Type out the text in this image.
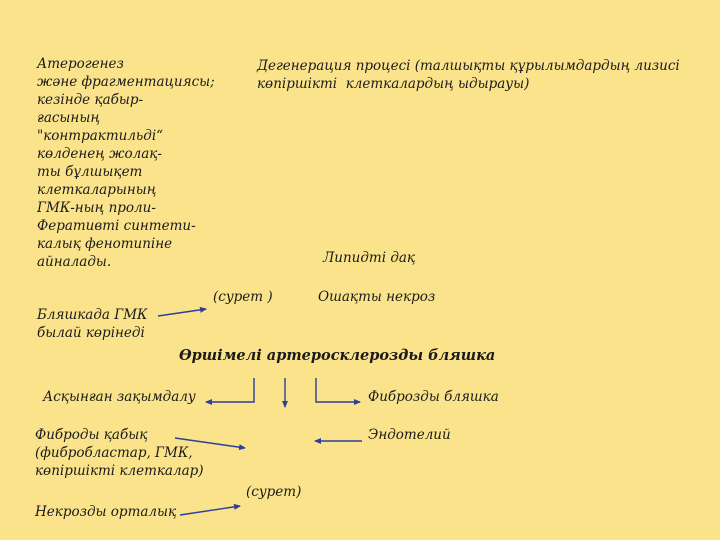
Атерогенез

және фрагментациясы;

кезінде қабыр-

ғасының

"контрактильді“

көлденең жолақ-

ты бұлшықет

клеткаларының

ГМК-ның проли-

Феративті синтети-

калық фенотипіне

айналады.

Дегенерация процесі (талшықты құрылымдардың лизисі

көпіршікті  клеткалардың ыдырауы)

Липидті дақ

(сурет )	Ошақты некроз

Бляшкада ГМК

былай көрінеді

Өршімелі артеросклерозды бляшка

Асқынған зақымдалу	Фиброзды бляшка

Фиброды қабық

(фибробластар, ГМК,

көпіршікті клеткалар)

Эндотелий

(сурет)

Некрозды орталық
